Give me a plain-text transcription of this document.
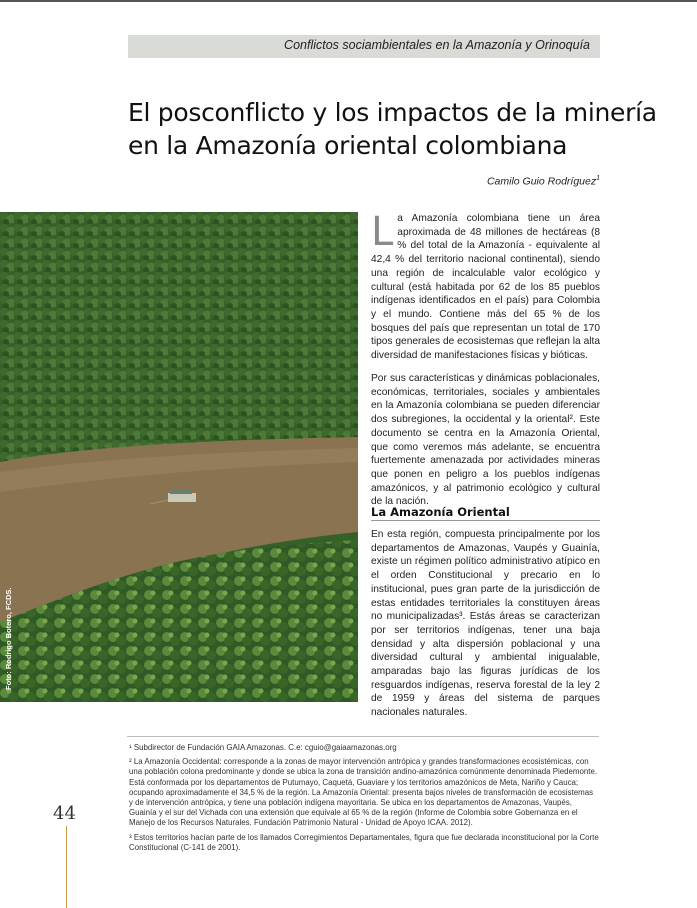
Conflictos sociambientales en la Amazonía y Orinoquía
El posconflicto y los impactos de la minería
en la Amazonía oriental colombiana
Camilo Guio Rodríguez$^1$
Foto: Rodrigo Botero, FCDS.
L a Amazonía colombiana tiene un área aproximada de 48 millones de hectáreas (8 % del total de la Amazonía - equivalente al 42,4 % del territorio nacional continental), siendo una región de incalculable valor ecológico y cultural (está habitada por 62 de los 85 pueblos indígenas identificados en el país) para Colombia y el mundo. Contiene más del 65 % de los bosques del país que representan un total de 170 tipos generales de ecosistemas que reflejan la alta diversidad de manifestaciones físicas y bióticas.

Por sus características y dinámicas poblacionales, económicas, territoriales, sociales y ambientales en la Amazonía colombiana se pueden diferenciar dos subregiones, la occidental y la oriental². Este documento se centra en la Amazonía Oriental, que como veremos más adelante, se encuentra fuertemente amenazada por actividades mineras que ponen en peligro a los pueblos indígenas amazónicos, y al patrimonio ecológico y cultural de la nación.

La Amazonía Oriental

En esta región, compuesta principalmente por los departamentos de Amazonas, Vaupés y Guainía, existe un régimen político administrativo atípico en el orden Constitucional y precario en lo institucional, pues gran parte de la jurisdicción de estas entidades territoriales la constituyen áreas no municipalizadas³. Estás áreas se caracterizan por ser territorios indígenas, tener una baja densidad y alta dispersión poblacional y una diversidad cultural y ambiental inigualable, amparadas bajo las figuras jurídicas de los resguardos indígenas, reserva forestal de la ley 2 de 1959 y áreas del sistema de parques nacionales naturales.

¹ Subdirector de Fundación GAIA Amazonas. C.e: cguio@gaiaamazonas.org

² La Amazonía Occidental: corresponde a la zonas de mayor intervención antrópica y grandes transformaciones ecosistémicas, con una población colona predominante y donde se ubica la zona de transición andino-amazónica comúnmente denominada Piedemonte. Está conformada por los departamentos de Putumayo, Caquetá, Guaviare y los territorios amazónicos de Meta, Nariño y Cauca; ocupando aproximadamente el 34,5 % de la región. La Amazonía Oriental: presenta bajos niveles de transformación de ecosistemas y de intervención antrópica, y tiene una población indígena mayoritaria. Se ubica en los departamentos de Amazonas, Vaupés, Guainía y el sur del Vichada con una extensión que equivale al 65 % de la región (Informe de Colombia sobre Gobernanza en el Manejo de los Recursos Naturales. Fundación Patrimonio Natural - Unidad de Apoyo ICAA. 2012).

³ Estos territorios hacían parte de los llamados Corregimientos Departamentales, figura que fue declarada inconstitucional por la Corte Constitucional (C-141 de 2001).

44
